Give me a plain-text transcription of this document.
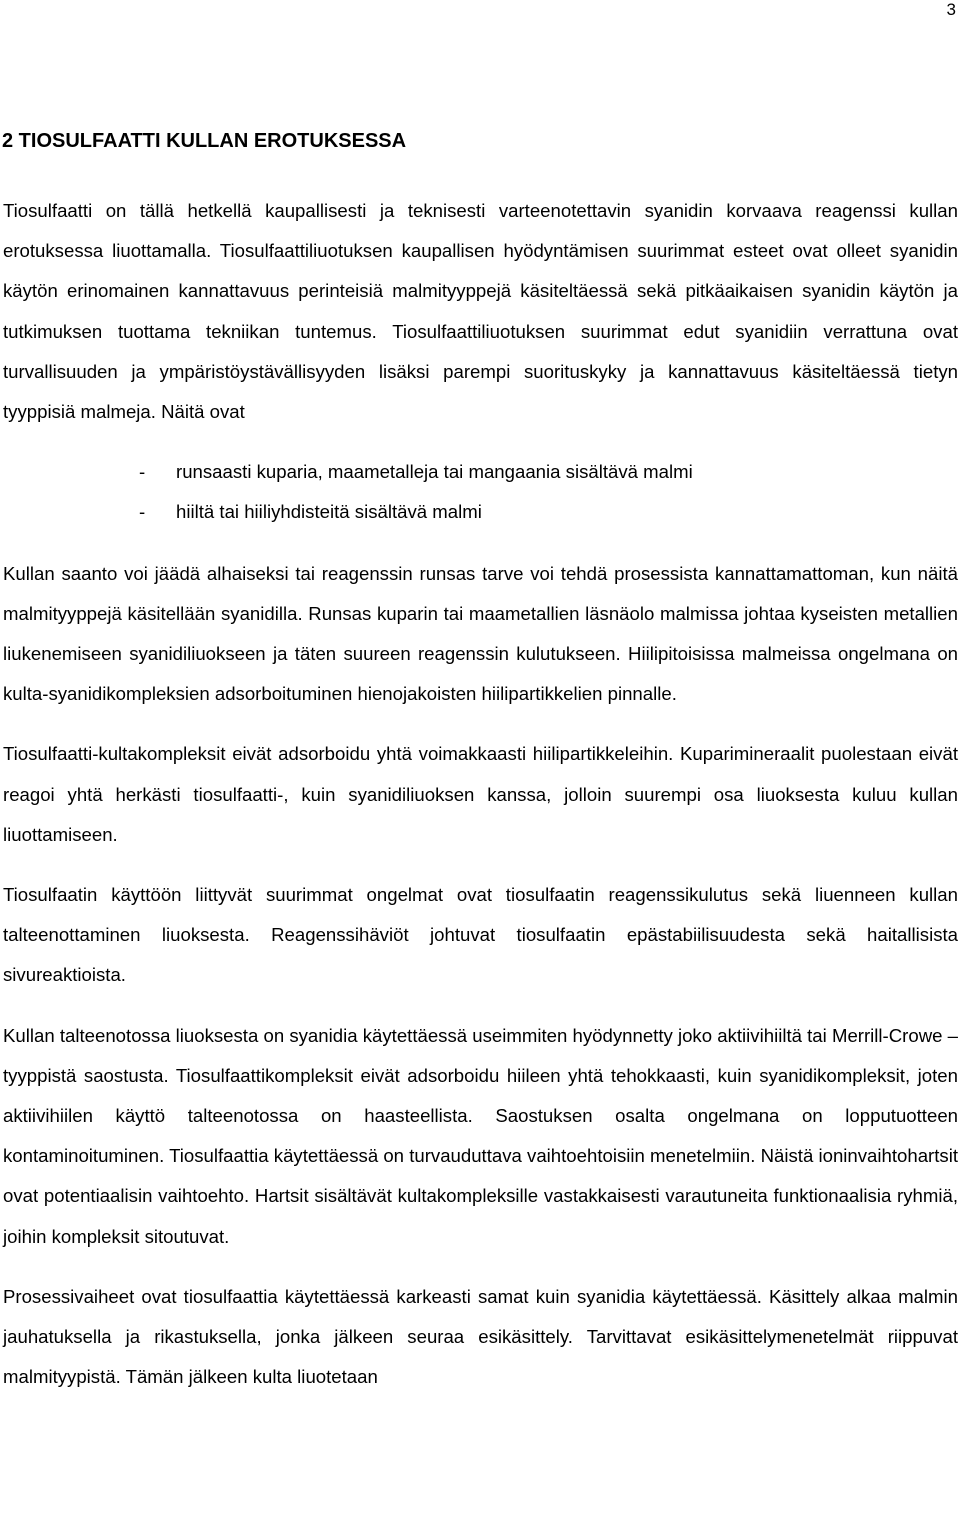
3
2 TIOSULFAATTI KULLAN EROTUKSESSA

Tiosulfaatti on tällä hetkellä kaupallisesti ja teknisesti varteenotettavin syanidin korvaava reagenssi kullan erotuksessa liuottamalla. Tiosulfaattiliuotuksen kaupallisen hyödyntämisen suurimmat esteet ovat olleet syanidin käytön erinomainen kannattavuus perinteisiä malmityyppejä käsiteltäessä sekä pitkäaikaisen syanidin käytön ja tutkimuksen tuottama tekniikan tuntemus. Tiosulfaattiliuotuksen suurimmat edut syanidiin verrattuna ovat turvallisuuden ja ympäristöystävällisyyden lisäksi parempi suorituskyky ja kannattavuus käsiteltäessä tietyn tyyppisiä malmeja. Näitä ovat

- runsaasti kuparia, maametalleja tai mangaania sisältävä malmi
- hiiltä tai hiiliyhdisteitä sisältävä malmi

Kullan saanto voi jäädä alhaiseksi tai reagenssin runsas tarve voi tehdä prosessista kannattamattoman, kun näitä malmityyppejä käsitellään syanidilla. Runsas kuparin tai maametallien läsnäolo malmissa johtaa kyseisten metallien liukenemiseen syanidiliuokseen ja täten suureen reagenssin kulutukseen. Hiilipitoisissa malmeissa ongelmana on kulta-syanidikompleksien adsorboituminen hienojakoisten hiilipartikkelien pinnalle.

Tiosulfaatti-kultakompleksit eivät adsorboidu yhtä voimakkaasti hiilipartikkeleihin. Kuparimineraalit puolestaan eivät reagoi yhtä herkästi tiosulfaatti-, kuin syanidiliuoksen kanssa, jolloin suurempi osa liuoksesta kuluu kullan liuottamiseen.

Tiosulfaatin käyttöön liittyvät suurimmat ongelmat ovat tiosulfaatin reagenssikulutus sekä liuenneen kullan talteenottaminen liuoksesta. Reagenssihäviöt johtuvat tiosulfaatin epästabiilisuudesta sekä haitallisista sivureaktioista.

Kullan talteenotossa liuoksesta on syanidia käytettäessä useimmiten hyödynnetty joko aktiivihiiltä tai Merrill-Crowe –tyyppistä saostusta. Tiosulfaattikompleksit eivät adsorboidu hiileen yhtä tehokkaasti, kuin syanidikompleksit, joten aktiivihiilen käyttö talteenotossa on haasteellista. Saostuksen osalta ongelmana on lopputuotteen kontaminoituminen. Tiosulfaattia käytettäessä on turvauduttava vaihtoehtoisiin menetelmiin. Näistä ioninvaihtohartsit ovat potentiaalisin vaihtoehto. Hartsit sisältävät kultakompleksille vastakkaisesti varautuneita funktionaalisia ryhmiä, joihin kompleksit sitoutuvat.

Prosessivaiheet ovat tiosulfaattia käytettäessä karkeasti samat kuin syanidia käytettäessä. Käsittely alkaa malmin jauhatuksella ja rikastuksella, jonka jälkeen seuraa esikäsittely. Tarvittavat esikäsittelymenetelmät riippuvat malmityypistä. Tämän jälkeen kulta liuotetaan
